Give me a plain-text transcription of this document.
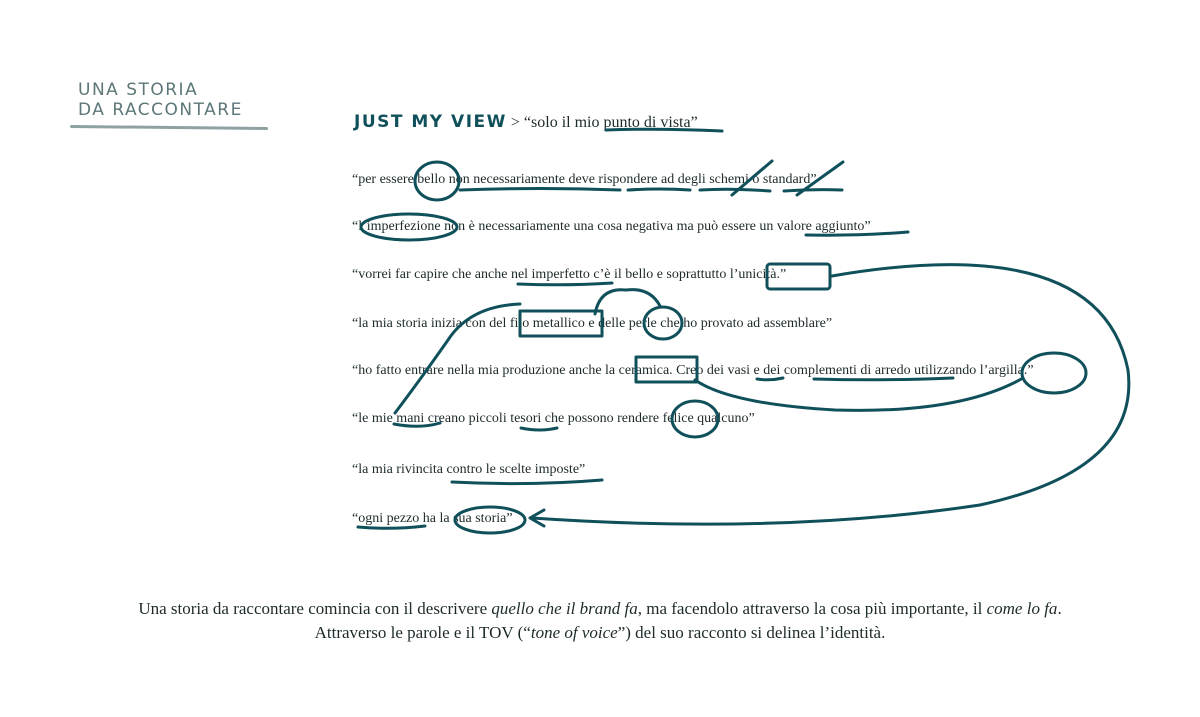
UNA STORIA
DA RACCONTARE
JUST MY VIEW > “solo il mio punto di vista”
“per essere bello non necessariamente deve rispondere ad degli schemi o standard”
“l’imperfezione non è necessariamente una cosa negativa ma può essere un valore aggiunto”
“vorrei far capire che anche nel imperfetto c’è il bello e soprattutto l’unicità.”
“la mia storia inizia con del filo metallico e delle perle che ho provato ad assemblare”
“ho fatto entrare nella mia produzione anche la ceramica. Creo dei vasi e dei complementi di arredo utilizzando l’argilla.”
“le mie mani creano piccoli tesori che possono rendere felice qualcuno”
“la mia rivincita contro le scelte imposte”
“ogni pezzo ha la sua storia”

Una storia da raccontare comincia con il descrivere quello che il brand fa, ma facendolo attraverso la cosa più importante, il come lo fa.

Attraverso le parole e il TOV (“tone of voice”) del suo racconto si delinea l’identità.
